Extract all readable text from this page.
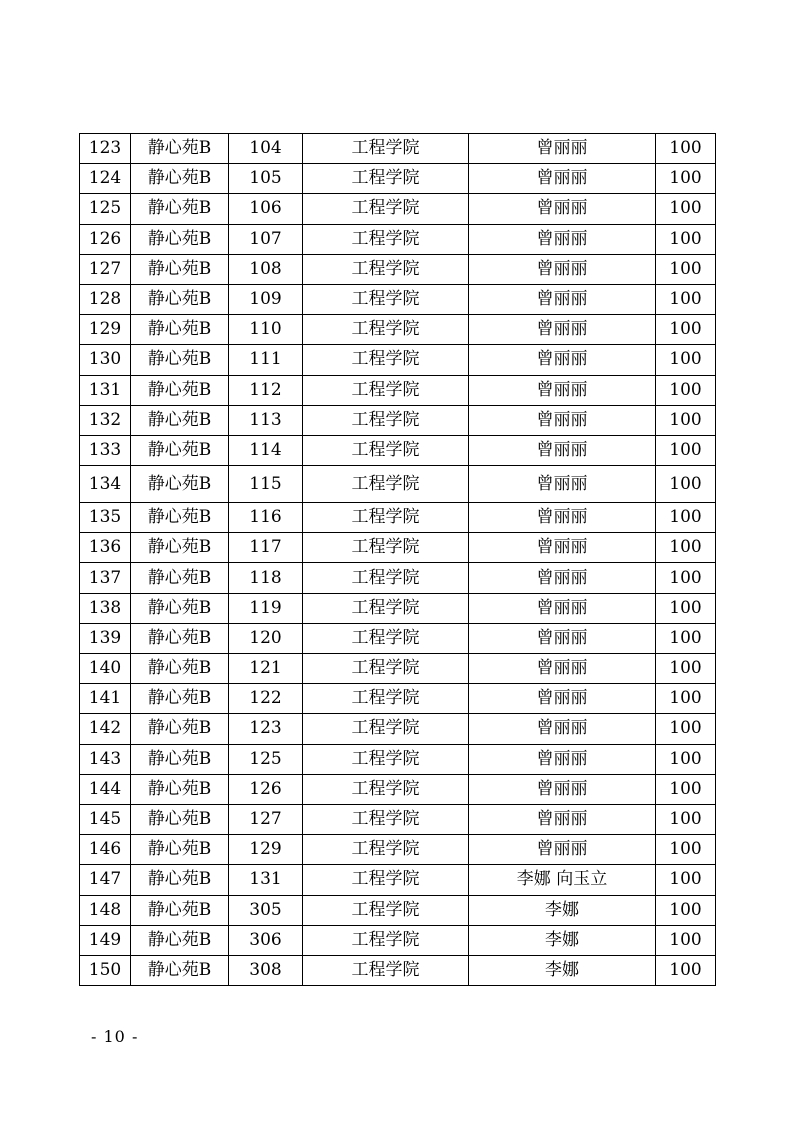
123	静心苑B	104	工程学院	曾丽丽	100
124	静心苑B	105	工程学院	曾丽丽	100
125	静心苑B	106	工程学院	曾丽丽	100
126	静心苑B	107	工程学院	曾丽丽	100
127	静心苑B	108	工程学院	曾丽丽	100
128	静心苑B	109	工程学院	曾丽丽	100
129	静心苑B	110	工程学院	曾丽丽	100
130	静心苑B	111	工程学院	曾丽丽	100
131	静心苑B	112	工程学院	曾丽丽	100
132	静心苑B	113	工程学院	曾丽丽	100
133	静心苑B	114	工程学院	曾丽丽	100
134	静心苑B	115	工程学院	曾丽丽	100
135	静心苑B	116	工程学院	曾丽丽	100
136	静心苑B	117	工程学院	曾丽丽	100
137	静心苑B	118	工程学院	曾丽丽	100
138	静心苑B	119	工程学院	曾丽丽	100
139	静心苑B	120	工程学院	曾丽丽	100
140	静心苑B	121	工程学院	曾丽丽	100
141	静心苑B	122	工程学院	曾丽丽	100
142	静心苑B	123	工程学院	曾丽丽	100
143	静心苑B	125	工程学院	曾丽丽	100
144	静心苑B	126	工程学院	曾丽丽	100
145	静心苑B	127	工程学院	曾丽丽	100
146	静心苑B	129	工程学院	曾丽丽	100
147	静心苑B	131	工程学院	李娜 向玉立	100
148	静心苑B	305	工程学院	李娜	100
149	静心苑B	306	工程学院	李娜	100
150	静心苑B	308	工程学院	李娜	100
- 10 -
